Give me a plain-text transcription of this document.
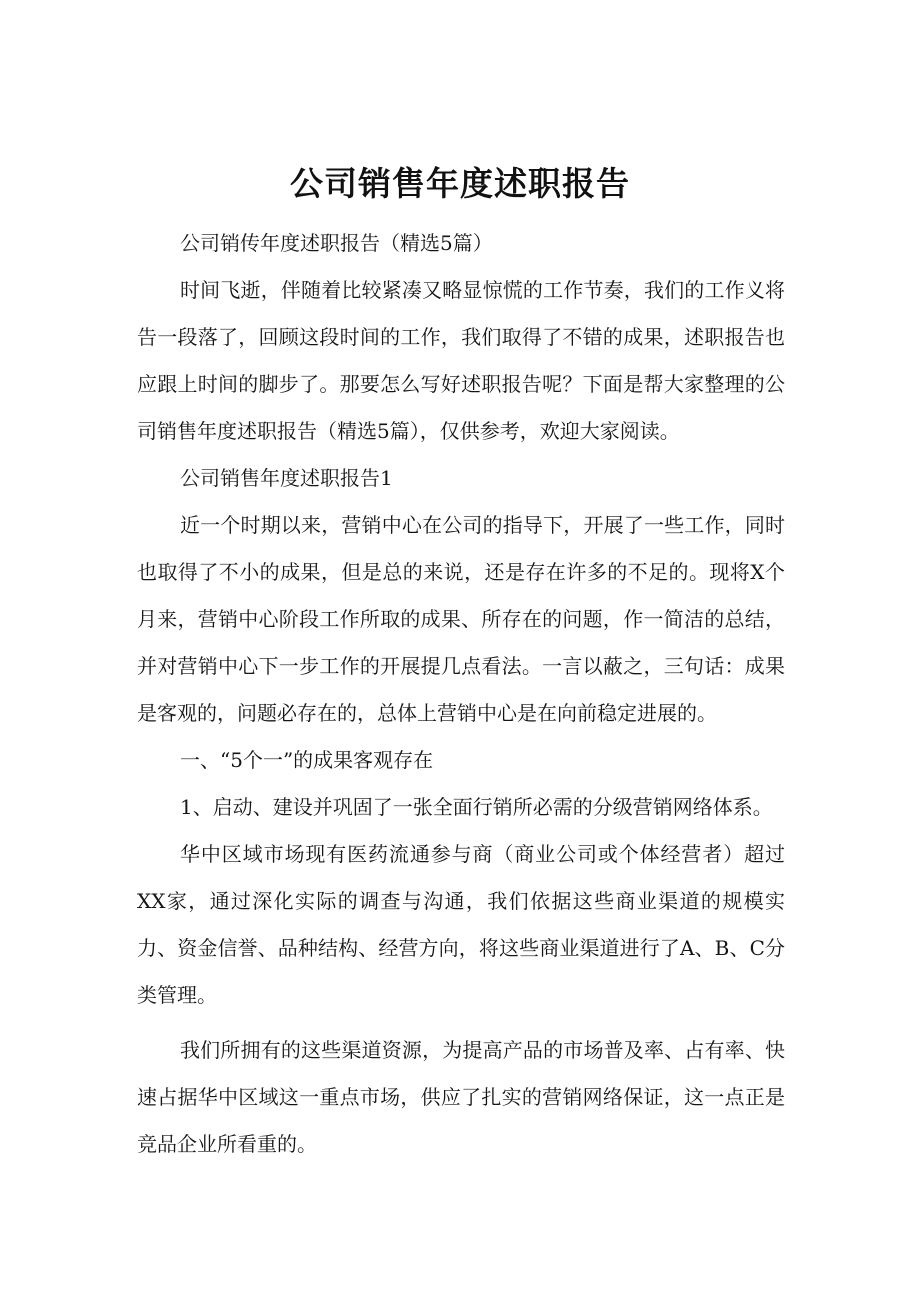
公司销售年度述职报告

公司销传年度述职报告（精选5篇）

时间飞逝，伴随着比较紧凑又略显惊慌的工作节奏，我们的工作义将告一段落了，回顾这段时间的工作，我们取得了不错的成果，述职报告也应跟上时间的脚步了。那要怎么写好述职报告呢？下面是帮大家整理的公司销售年度述职报告（精选5篇），仅供参考，欢迎大家阅读。

公司销售年度述职报告1

近一个时期以来，营销中心在公司的指导下，开展了一些工作，同时也取得了不小的成果，但是总的来说，还是存在许多的不足的。现将X个月来，营销中心阶段工作所取的成果、所存在的问题，作一简洁的总结，并对营销中心下一步工作的开展提几点看法。一言以蔽之，三句话：成果是客观的，问题必存在的，总体上营销中心是在向前稳定进展的。

一、“5个一”的成果客观存在

1、启动、建设并巩固了一张全面行销所必需的分级营销网络体系。

华中区域市场现有医药流通参与商（商业公司或个体经营者）超过XX家，通过深化实际的调查与沟通，我们依据这些商业渠道的规模实力、资金信誉、品种结构、经营方向，将这些商业渠道进行了A、B、C分类管理。

我们所拥有的这些渠道资源，为提高产品的市场普及率、占有率、快速占据华中区域这一重点市场，供应了扎实的营销网络保证，这一点正是竞品企业所看重的。
